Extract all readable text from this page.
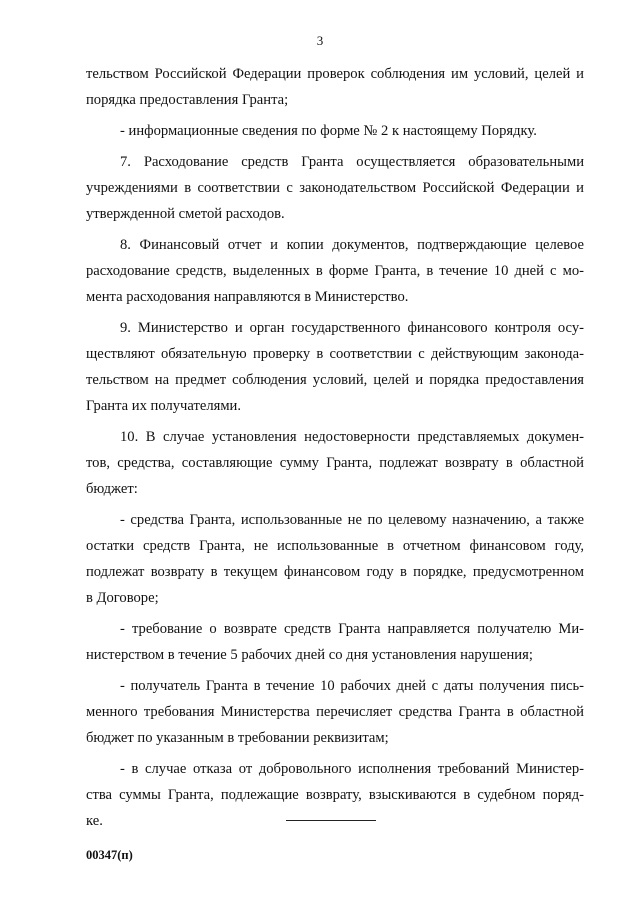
3
тельством Российской Федерации проверок соблюдения им условий, целей и
порядка предоставления Гранта;
- информационные сведения по форме № 2 к настоящему Порядку.
7. Расходование средств Гранта осуществляется образовательными
учреждениями в соответствии с законодательством Российской Федерации и
утвержденной сметой расходов.
8. Финансовый отчет и копии документов, подтверждающие целевое
расходование средств, выделенных в форме Гранта, в течение 10 дней с мо-
мента расходования направляются в Министерство.
9. Министерство и орган государственного финансового контроля осу-
ществляют обязательную проверку в соответствии с действующим законода-
тельством на предмет соблюдения условий, целей и порядка предоставления
Гранта их получателями.
10. В случае установления недостоверности представляемых докумен-
тов, средства, составляющие сумму Гранта, подлежат возврату в областной
бюджет:
- средства Гранта, использованные не по целевому назначению, а также
остатки средств Гранта, не использованные в отчетном финансовом году,
подлежат возврату в текущем финансовом году в порядке, предусмотренном
в Договоре;
- требование о возврате средств Гранта направляется получателю Ми-
нистерством в течение 5 рабочих дней со дня установления нарушения;
- получатель Гранта в течение 10 рабочих дней с даты получения пись-
менного требования Министерства перечисляет средства Гранта в областной
бюджет по указанным в требовании реквизитам;
- в случае отказа от добровольного исполнения требований Министер-
ства суммы Гранта, подлежащие возврату, взыскиваются в судебном поряд-
ке.
00347(п)
